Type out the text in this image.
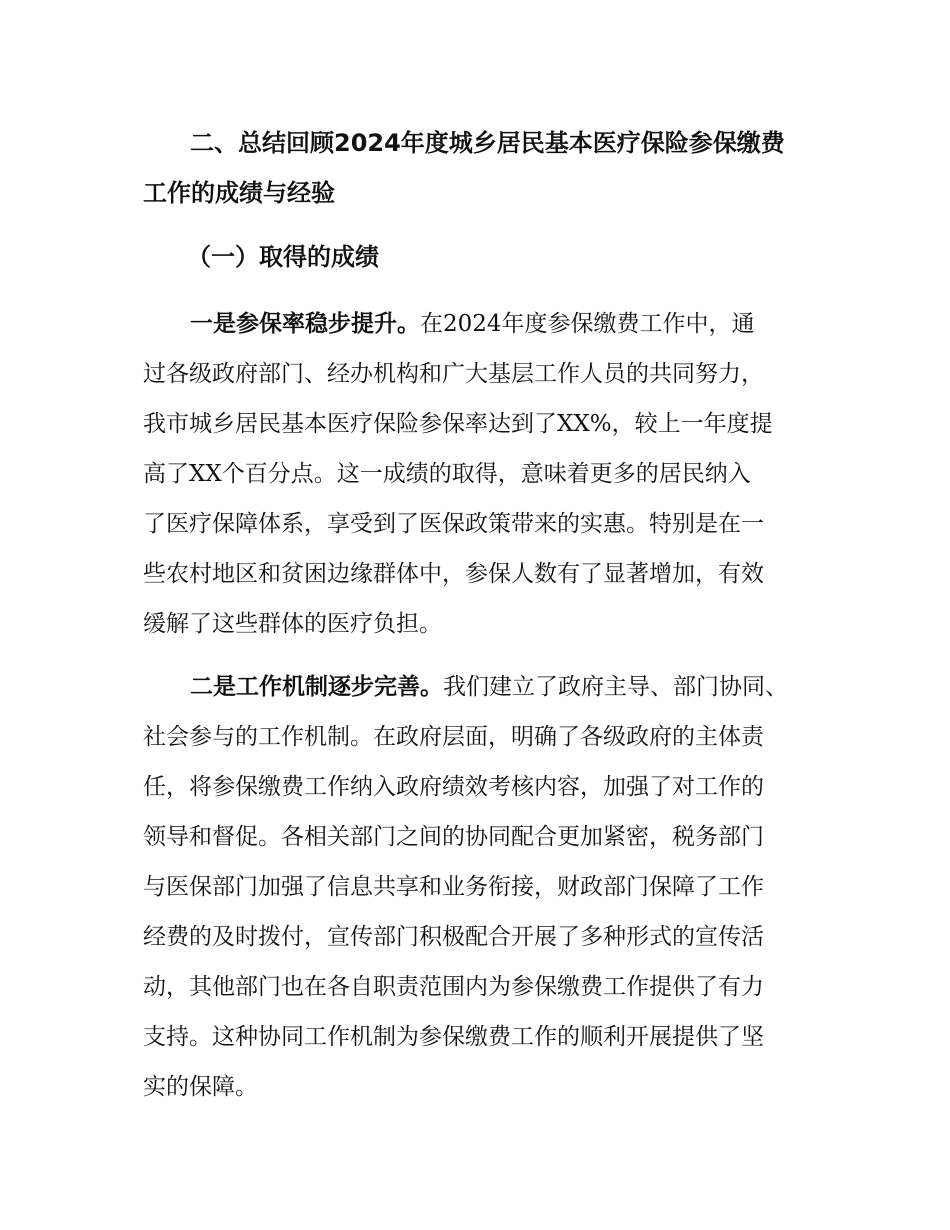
二、总结回顾2024年度城乡居民基本医疗保险参保缴费
工作的成绩与经验
（一）取得的成绩
一是参保率稳步提升。在2024年度参保缴费工作中，通
过各级政府部门、经办机构和广大基层工作人员的共同努力，
我市城乡居民基本医疗保险参保率达到了XX%，较上一年度提
高了XX个百分点。这一成绩的取得，意味着更多的居民纳入
了医疗保障体系，享受到了医保政策带来的实惠。特别是在一
些农村地区和贫困边缘群体中，参保人数有了显著增加，有效
缓解了这些群体的医疗负担。
二是工作机制逐步完善。我们建立了政府主导、部门协同、
社会参与的工作机制。在政府层面，明确了各级政府的主体责
任，将参保缴费工作纳入政府绩效考核内容，加强了对工作的
领导和督促。各相关部门之间的协同配合更加紧密，税务部门
与医保部门加强了信息共享和业务衔接，财政部门保障了工作
经费的及时拨付，宣传部门积极配合开展了多种形式的宣传活
动，其他部门也在各自职责范围内为参保缴费工作提供了有力
支持。这种协同工作机制为参保缴费工作的顺利开展提供了坚
实的保障。
